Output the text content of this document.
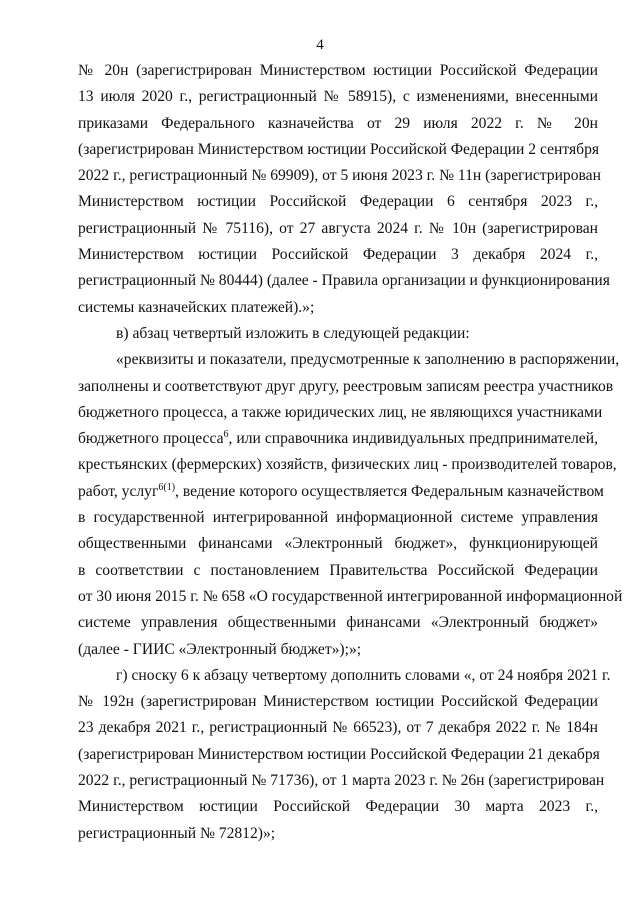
4
№ 20н (зарегистрирован Министерством юстиции Российской Федерации
13 июля 2020 г., регистрационный № 58915), с изменениями, внесенными
приказами Федерального казначейства от 29 июля 2022 г. № 20н
(зарегистрирован Министерством юстиции Российской Федерации 2 сентября
2022 г., регистрационный № 69909), от 5 июня 2023 г. № 11н (зарегистрирован
Министерством юстиции Российской Федерации 6 сентября 2023 г.,
регистрационный № 75116), от 27 августа 2024 г. № 10н (зарегистрирован
Министерством юстиции Российской Федерации 3 декабря 2024 г.,
регистрационный № 80444) (далее - Правила организации и функционирования
системы казначейских платежей).»;
в) абзац четвертый изложить в следующей редакции:
«реквизиты и показатели, предусмотренные к заполнению в распоряжении,
заполнены и соответствуют друг другу, реестровым записям реестра участников
бюджетного процесса, а также юридических лиц, не являющихся участниками
бюджетного процесса$^6$, или справочника индивидуальных предпринимателей,
крестьянских (фермерских) хозяйств, физических лиц - производителей товаров,
работ, услуг$^{6(1)}$, ведение которого осуществляется Федеральным казначейством
в государственной интегрированной информационной системе управления
общественными финансами «Электронный бюджет», функционирующей
в соответствии с постановлением Правительства Российской Федерации
от 30 июня 2015 г. № 658 «О государственной интегрированной информационной
системе управления общественными финансами «Электронный бюджет»
(далее - ГИИС «Электронный бюджет»);»;
г) сноску 6 к абзацу четвертому дополнить словами «, от 24 ноября 2021 г.
№ 192н (зарегистрирован Министерством юстиции Российской Федерации
23 декабря 2021 г., регистрационный № 66523), от 7 декабря 2022 г. № 184н
(зарегистрирован Министерством юстиции Российской Федерации 21 декабря
2022 г., регистрационный № 71736), от 1 марта 2023 г. № 26н (зарегистрирован
Министерством юстиции Российской Федерации 30 марта 2023 г.,
регистрационный № 72812)»;
